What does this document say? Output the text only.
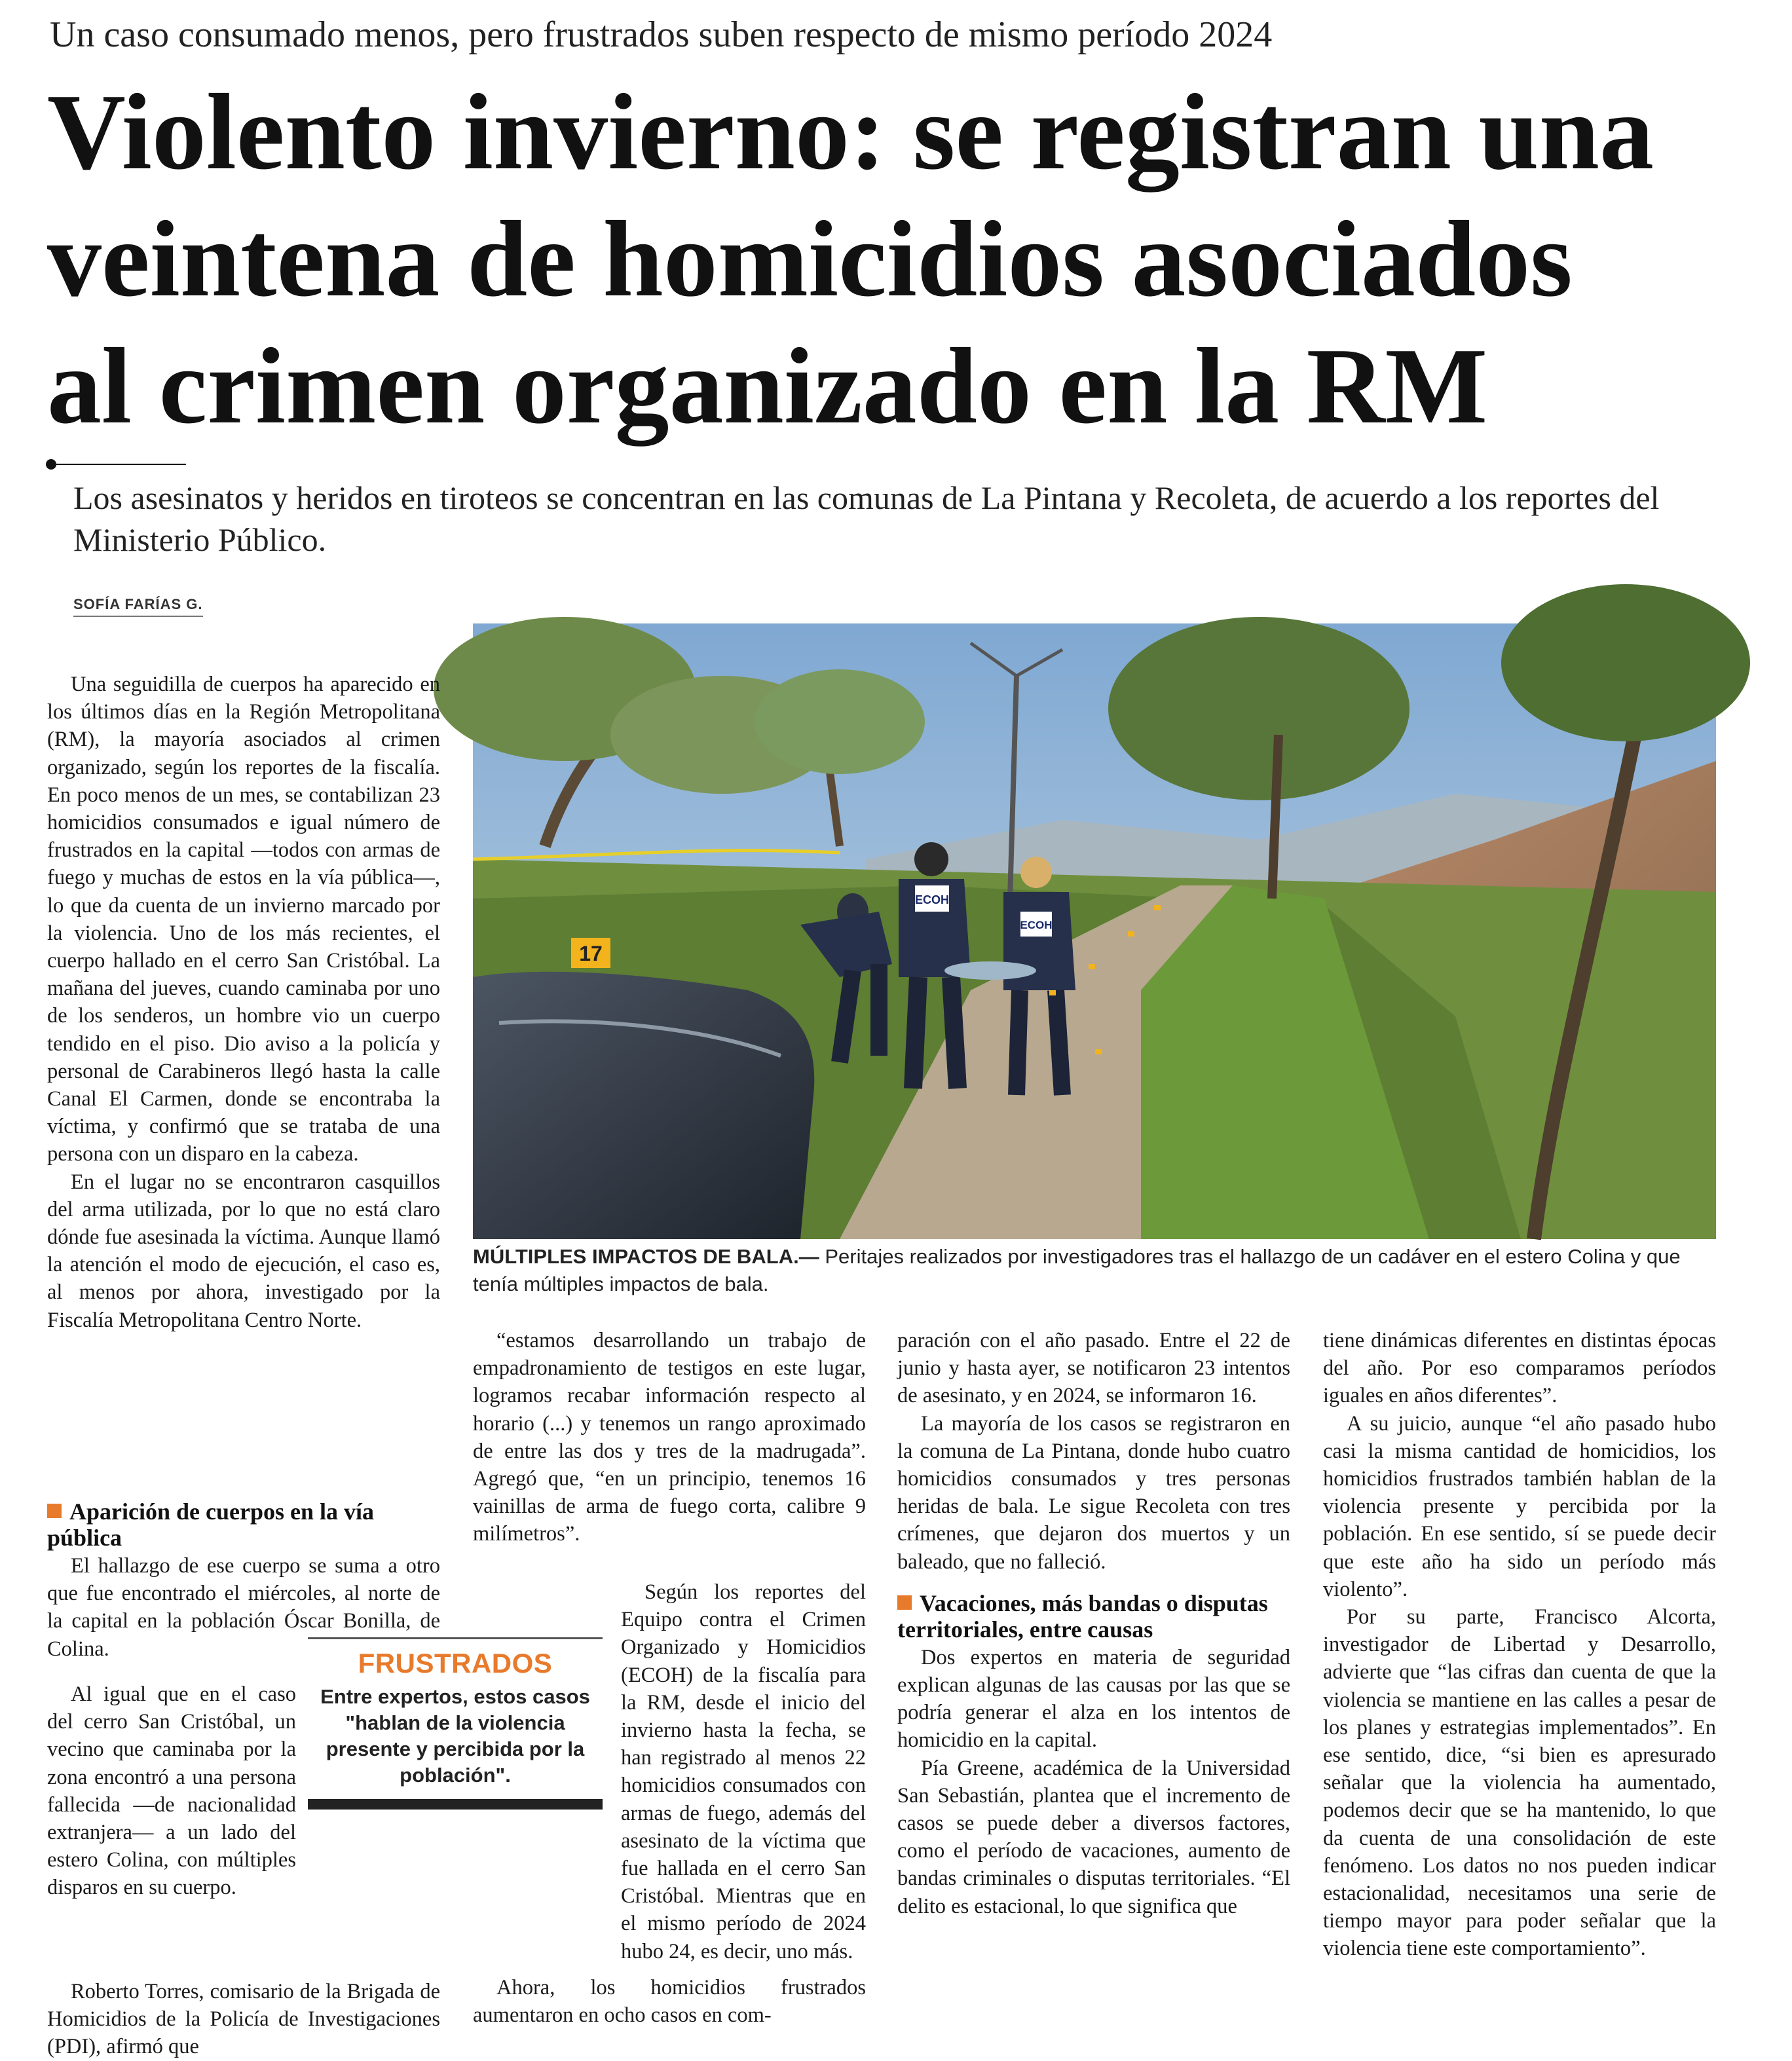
Un caso consumado menos, pero frustrados suben respecto de mismo período 2024
Violento invierno: se registran una
veintena de homicidios asociados
al crimen organizado en la RM
Los asesinatos y heridos en tiroteos se concentran en las comunas de La Pintana y Recoleta, de acuerdo a los reportes del Ministerio Público.
SOFÍA FARÍAS G.
17
ECOH
ECOH
MÚLTIPLES IMPACTOS DE BALA.— Peritajes realizados por investigadores tras el hallazgo de un cadáver en el estero Colina y que tenía múltiples impactos de bala.

Una seguidilla de cuerpos ha aparecido en los últimos días en la Región Metropolitana (RM), la mayoría asociados al crimen organizado, según los reportes de la fiscalía. En poco menos de un mes, se contabilizan 23 homicidios consumados e igual número de frustrados en la capital —todos con armas de fuego y muchas de estos en la vía pública—, lo que da cuenta de un invierno marcado por la violencia. Uno de los más recientes, el cuerpo hallado en el cerro San Cristóbal. La mañana del jueves, cuando caminaba por uno de los senderos, un hombre vio un cuerpo tendido en el piso. Dio aviso a la policía y personal de Carabineros llegó hasta la calle Canal El Carmen, donde se encontraba la víctima, y confirmó que se trataba de una persona con un disparo en la cabeza.

En el lugar no se encontraron casquillos del arma utilizada, por lo que no está claro dónde fue asesinada la víctima. Aunque llamó la atención el modo de ejecución, el caso es, al menos por ahora, investigado por la Fiscalía Metropolitana Centro Norte.

Aparición de cuerpos en la vía pública

El hallazgo de ese cuerpo se suma a otro que fue encontrado el miércoles, al norte de la capital en la población Óscar Bonilla, de Colina.

Al igual que en el caso del cerro San Cristóbal, un vecino que caminaba por la zona encontró a una persona fallecida —de nacionalidad extranjera— a un lado del estero Colina, con múltiples disparos en su cuerpo.

Roberto Torres, comisario de la Brigada de Homicidios de la Policía de Investigaciones (PDI), afirmó que

FRUSTRADOS
Entre expertos, estos casos "hablan de la violencia presente y percibida por la población".

“estamos desarrollando un trabajo de empadronamiento de testigos en este lugar, logramos recabar información respecto al horario (...) y tenemos un rango aproximado de entre las dos y tres de la madrugada”. Agregó que, “en un principio, tenemos 16 vainillas de arma de fuego corta, calibre 9 milímetros”.

Según los reportes del Equipo contra el Crimen Organizado y Homicidios (ECOH) de la fiscalía para la RM, desde el inicio del invierno hasta la fecha, se han registrado al menos 22 homicidios consumados con armas de fuego, además del asesinato de la víctima que fue hallada en el cerro San Cristóbal. Mientras que en el mismo período de 2024 hubo 24, es decir, uno más.

Ahora, los homicidios frustrados aumentaron en ocho casos en com-

paración con el año pasado. Entre el 22 de junio y hasta ayer, se notificaron 23 intentos de asesinato, y en 2024, se informaron 16.

La mayoría de los casos se registraron en la comuna de La Pintana, donde hubo cuatro homicidios consumados y tres personas heridas de bala. Le sigue Recoleta con tres crímenes, que dejaron dos muertos y un baleado, que no falleció.

Vacaciones, más bandas o disputas territoriales, entre causas

Dos expertos en materia de seguridad explican algunas de las causas por las que se podría generar el alza en los intentos de homicidio en la capital.

Pía Greene, académica de la Universidad San Sebastián, plantea que el incremento de casos se puede deber a diversos factores, como el período de vacaciones, aumento de bandas criminales o disputas territoriales. “El delito es estacional, lo que significa que

tiene dinámicas diferentes en distintas épocas del año. Por eso comparamos períodos iguales en años diferentes”.

A su juicio, aunque “el año pasado hubo casi la misma cantidad de homicidios, los homicidios frustrados también hablan de la violencia presente y percibida por la población. En ese sentido, sí se puede decir que este año ha sido un período más violento”.

Por su parte, Francisco Alcorta, investigador de Libertad y Desarrollo, advierte que “las cifras dan cuenta de que la violencia se mantiene en las calles a pesar de los planes y estrategias implementados”. En ese sentido, dice, “si bien es apresurado señalar que la violencia ha aumentado, podemos decir que se ha mantenido, lo que da cuenta de una consolidación de este fenómeno. Los datos no nos pueden indicar estacionalidad, necesitamos una serie de tiempo mayor para poder señalar que la violencia tiene este comportamiento”.
